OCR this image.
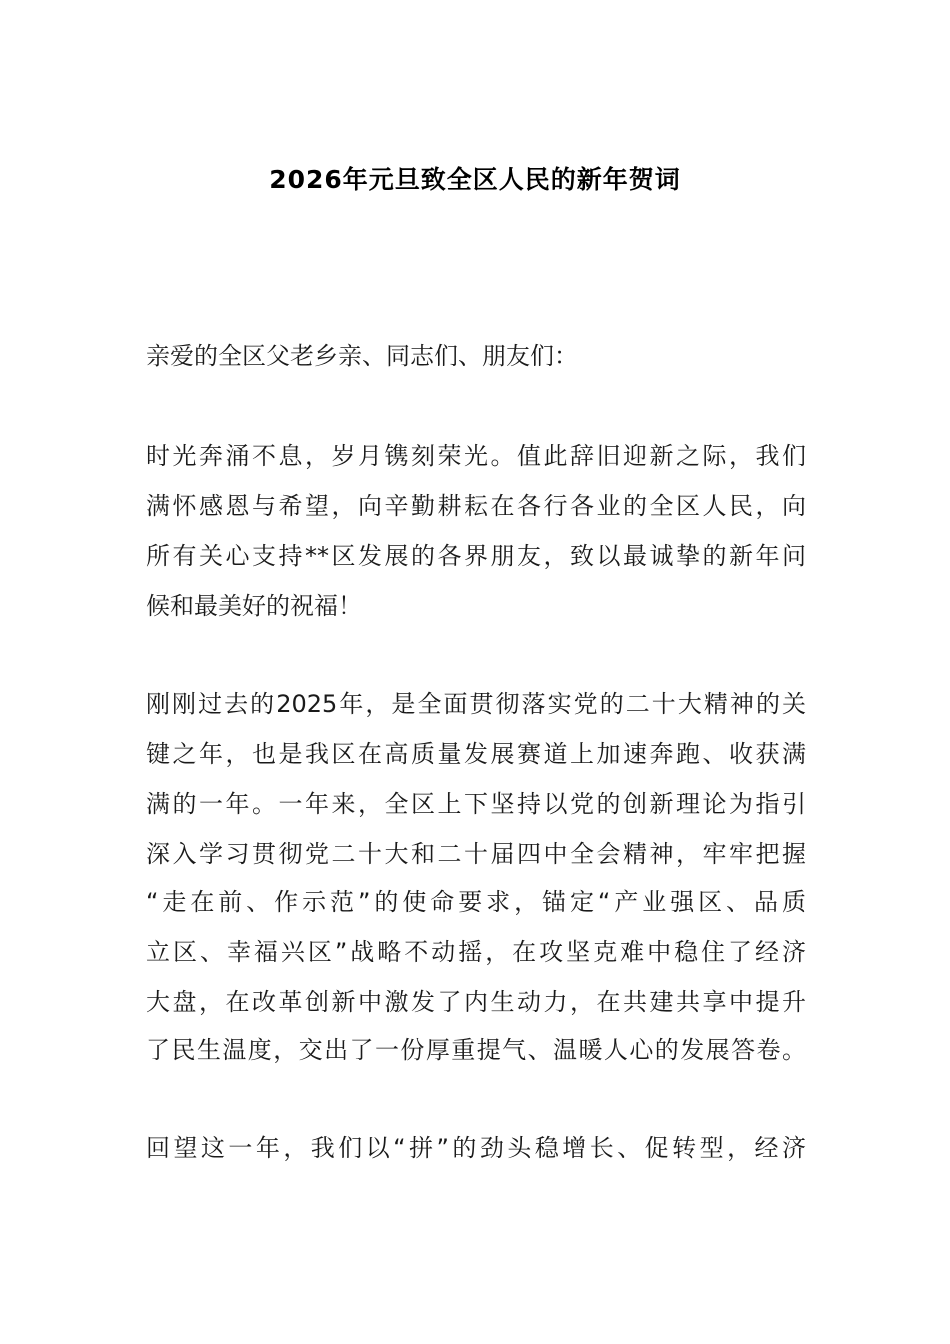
2026年元旦致全区人民的新年贺词
亲爱的全区父老乡亲、同志们、朋友们：
时光奔涌不息，岁月镌刻荣光。值此辞旧迎新之际，我们
满怀感恩与希望，向辛勤耕耘在各行各业的全区人民，向
所有关心支持**区发展的各界朋友，致以最诚挚的新年问
候和最美好的祝福！
刚刚过去的2025年，是全面贯彻落实党的二十大精神的关
键之年，也是我区在高质量发展赛道上加速奔跑、收获满
满的一年。一年来，全区上下坚持以党的创新理论为指引
深入学习贯彻党二十大和二十届四中全会精神，牢牢把握
“走在前、作示范”的使命要求，锚定“产业强区、品质
立区、幸福兴区”战略不动摇，在攻坚克难中稳住了经济
大盘，在改革创新中激发了内生动力，在共建共享中提升
了民生温度，交出了一份厚重提气、温暖人心的发展答卷。
回望这一年，我们以“拼”的劲头稳增长、促转型，经济
